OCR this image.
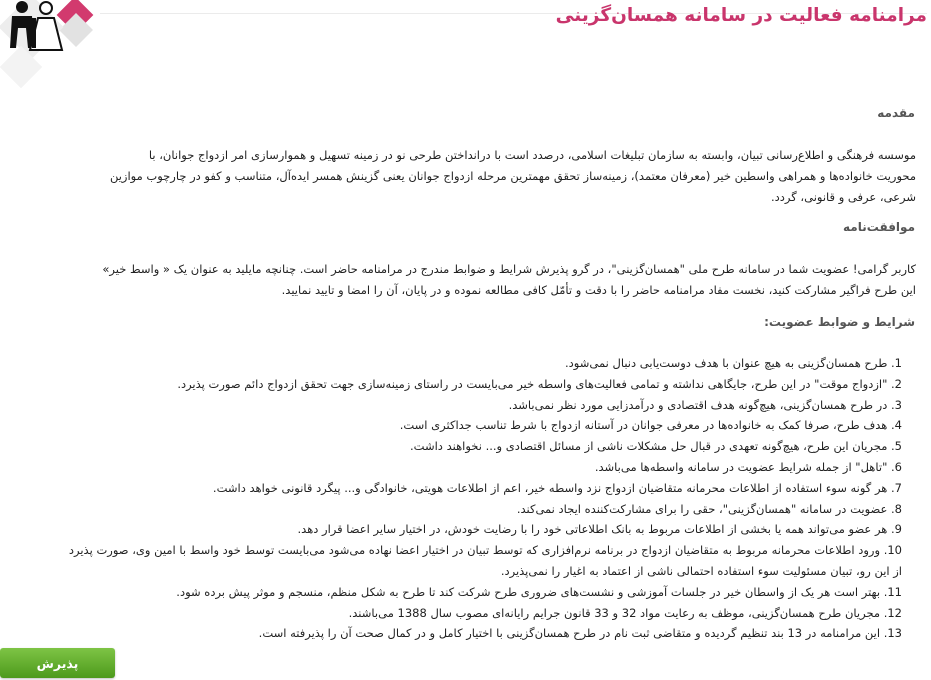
مرامنامه فعالیت در سامانه همسان‌گزینی
مقدمه
موسسه فرهنگی و اطلاع‌رسانی تبیان، وابسته به سازمان تبلیغات اسلامی، درصدد است با درانداختن طرحی نو در زمینه تسهیل و هموارسازی امر ازدواج جوانان، با
محوریت خانواده‌ها و همراهی واسطین خیر (معرفان معتمد)، زمینه‌ساز تحقق مهمترین مرحله ازدواج جوانان یعنی گزینش همسر ایده‌آل، متناسب و کفو در چارچوب موازین
شرعی، عرفی و قانونی، گردد.
موافقت‌نامه
کاربر گرامی! عضویت شما در سامانه طرح ملی "همسان‌گزینی"، در گرو پذیرش شرایط و ضوابط مندرج در مرامنامه حاضر است. چنانچه مایلید به عنوان یک « واسط خیر»
این طرح فراگیر مشارکت کنید، نخست مفاد مرامنامه حاضر را با دقت و تأمّل کافی مطالعه نموده و در پایان، آن را امضا و تایید نمایید.
شرایط و ضوابط عضویت:
1. طرح همسان‌گزینی به هیچ عنوان با هدف دوست‌یابی دنبال نمی‌شود.
2. "ازدواج موقت" در این طرح، جایگاهی نداشته و تمامی فعالیت‌های واسطه خیر می‌بایست در راستای زمینه‌سازی جهت تحقق ازدواج دائم صورت پذیرد.
3. در طرح همسان‌گزینی، هیچ‌گونه هدف اقتصادی و درآمدزایی مورد نظر نمی‌باشد.
4. هدف طرح، صرفا کمک به خانواده‌ها در معرفی جوانان در آستانه ازدواج با شرط تناسب جداکثری است.
5. مجریان این طرح، هیچ‌گونه تعهدی در قبال حل مشکلات ناشی از مسائل اقتصادی و... نخواهند داشت.
6. "تاهل" از جمله شرایط عضویت در سامانه واسطه‌ها می‌باشد.
7. هر گونه سوء استفاده از اطلاعات محرمانه متقاضیان ازدواج نزد واسطه خیر، اعم از اطلاعات هویتی، خانوادگی و... پیگرد قانونی خواهد داشت.
8. عضویت در سامانه "همسان‌گزینی"، حقی را برای مشارکت‌کننده ایجاد نمی‌کند.
9. هر عضو می‌تواند همه یا بخشی از اطلاعات مربوط به بانک اطلاعاتی خود را با رضایت خودش، در اختیار سایر اعضا قرار دهد.
10. ورود اطلاعات محرمانه مربوط به متقاضیان ازدواج در برنامه نرم‌افزاری که توسط تبیان در اختیار اعضا نهاده می‌شود می‌بایست توسط خود واسط با امین وی، صورت پذیرد
از این رو، تبیان مسئولیت سوء استفاده احتمالی ناشی از اعتماد به اغیار را نمی‌پذیرد.
11. بهتر است هر یک از واسطان خیر در جلسات آموزشی و نشست‌های ضروری طرح شرکت کند تا طرح به شکل منظم، منسجم و موثر پیش برده شود.
12. مجریان طرح همسان‌گزینی، موظف به رعایت مواد 32 و 33 قانون جرایم رایانه‌ای مصوب سال 1388 می‌باشند.
13. این مرامنامه در 13 بند تنظیم گردیده و متقاضی ثبت نام در طرح همسان‌گزینی با اختیار کامل و در کمال صحت آن را پذیرفته است.
پذیرش
